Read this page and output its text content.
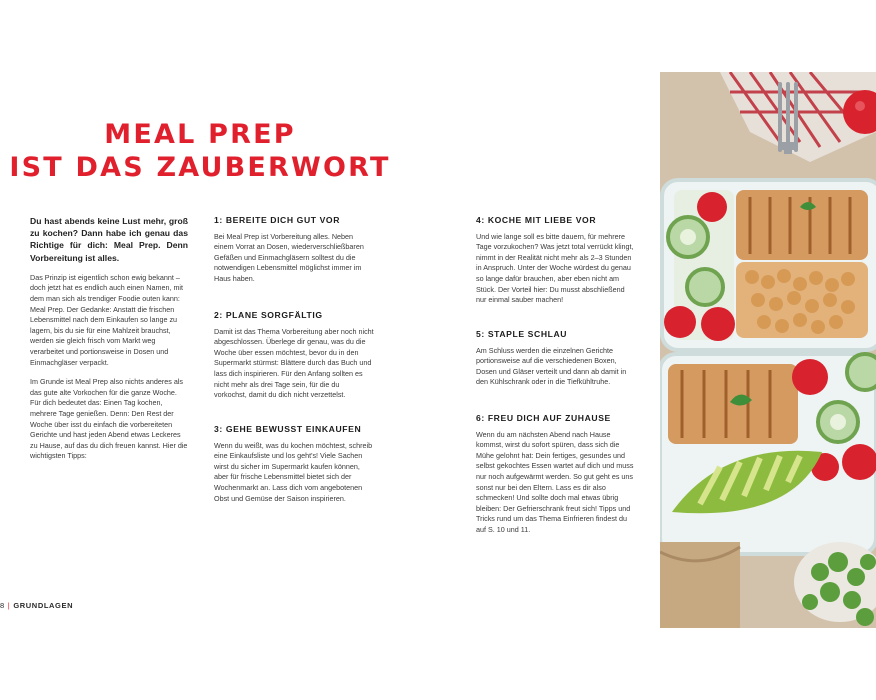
MEAL PREP
IST DAS ZAUBERWORT

Du hast abends keine Lust mehr, groß zu kochen? Dann habe ich genau das Richtige für dich: Meal Prep. Denn Vorbereitung ist alles.

Das Prinzip ist eigentlich schon ewig bekannt – doch jetzt hat es endlich auch einen Namen, mit dem man sich als trendiger Foodie outen kann: Meal Prep. Der Gedanke: Anstatt die frischen Lebensmittel nach dem Einkaufen so lange zu lagern, bis du sie für eine Mahlzeit brauchst, werden sie gleich frisch vom Markt weg verarbeitet und portionsweise in Dosen und Einmachgläser verpackt.

Im Grunde ist Meal Prep also nichts anderes als das gute alte Vorkochen für die ganze Woche. Für dich bedeutet das: Einen Tag kochen, mehrere Tage genießen. Denn: Den Rest der Woche über isst du einfach die vorbereiteten Gerichte und hast jeden Abend etwas Leckeres zu Hause, auf das du dich freuen kannst. Hier die wichtigsten Tipps:

1: BEREITE DICH GUT VOR

Bei Meal Prep ist Vorbereitung alles. Neben einem Vorrat an Dosen, wiederverschließbaren Gefäßen und Einmachgläsern solltest du die notwendigen Lebensmittel möglichst immer im Haus haben.

2: PLANE SORGFÄLTIG

Damit ist das Thema Vorbereitung aber noch nicht abgeschlossen. Überlege dir genau, was du die Woche über essen möchtest, bevor du in den Supermarkt stürmst: Blättere durch das Buch und lass dich inspirieren. Für den Anfang sollten es nicht mehr als drei Tage sein, für die du vorkochst, damit du dich nicht verzettelst.

3: GEHE BEWUSST EINKAUFEN

Wenn du weißt, was du kochen möchtest, schreib eine Einkaufsliste und los geht's! Viele Sachen wirst du sicher im Supermarkt kaufen können, aber für frische Lebensmittel bietet sich der Wochenmarkt an. Lass dich vom angebotenen Obst und Gemüse der Saison inspirieren.

4: KOCHE MIT LIEBE VOR

Und wie lange soll es bitte dauern, für mehrere Tage vorzukochen? Was jetzt total verrückt klingt, nimmt in der Realität nicht mehr als 2–3 Stunden in Anspruch. Unter der Woche würdest du genau so lange dafür brauchen, aber eben nicht am Stück. Der Vorteil hier: Du musst abschließend nur einmal sauber machen!

5: STAPLE SCHLAU

Am Schluss werden die einzelnen Gerichte portionsweise auf die verschiedenen Boxen, Dosen und Gläser verteilt und dann ab damit in den Kühlschrank oder in die Tiefkühltruhe.

6: FREU DICH AUF ZUHAUSE

Wenn du am nächsten Abend nach Hause kommst, wirst du sofort spüren, dass sich die Mühe gelohnt hat: Dein fertiges, gesundes und selbst gekochtes Essen wartet auf dich und muss nur noch aufgewärmt werden. So gut geht es uns sonst nur bei den Eltern. Lass es dir also schmecken! Und sollte doch mal etwas übrig bleiben: Der Gefrierschrank freut sich! Tipps und Tricks rund um das Thema Einfrieren findest du auf S. 10 und 11.

8 | GRUNDLAGEN
